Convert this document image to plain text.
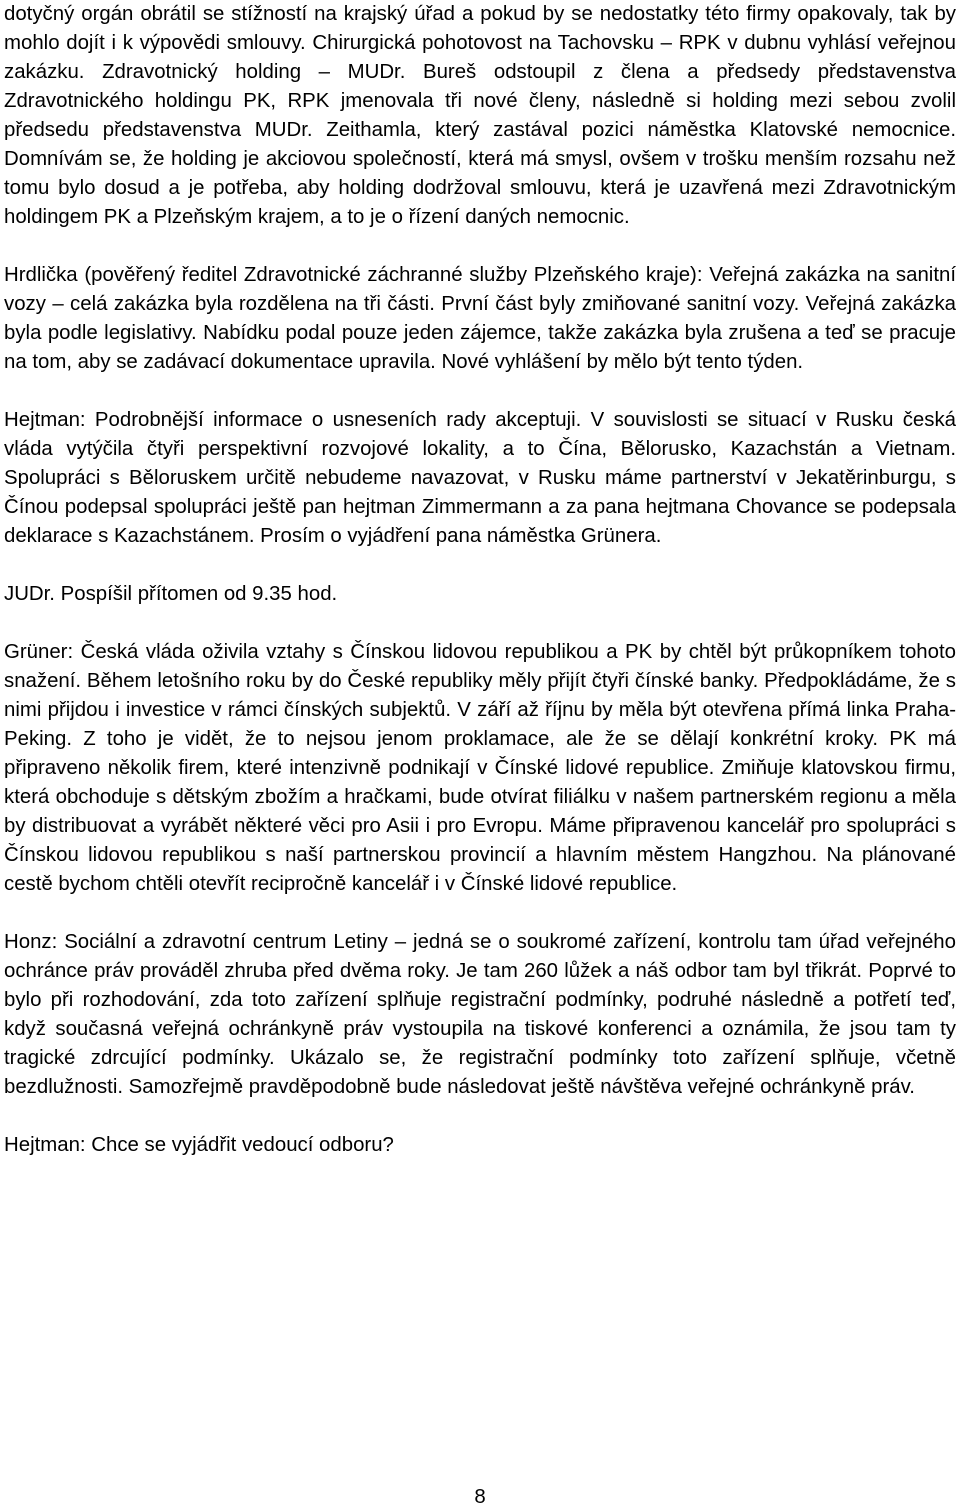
dotyčný orgán obrátil se stížností na krajský úřad a pokud by se nedostatky této firmy opakovaly, tak by mohlo dojít i k výpovědi smlouvy. Chirurgická pohotovost na Tachovsku – RPK v dubnu vyhlásí veřejnou zakázku. Zdravotnický holding – MUDr. Bureš odstoupil z člena a předsedy představenstva Zdravotnického holdingu PK, RPK jmenovala tři nové členy, následně si holding mezi sebou zvolil předsedu představenstva MUDr. Zeithamla, který zastával pozici náměstka Klatovské nemocnice. Domnívám se, že holding je akciovou společností, která má smysl, ovšem v trošku menším rozsahu než tomu bylo dosud a je potřeba, aby holding dodržoval smlouvu, která je uzavřená mezi Zdravotnickým holdingem PK a Plzeňským krajem, a to je o řízení daných nemocnic.

Hrdlička (pověřený ředitel Zdravotnické záchranné služby Plzeňského kraje): Veřejná zakázka na sanitní vozy – celá zakázka byla rozdělena na tři části. První část byly zmiňované sanitní vozy. Veřejná zakázka byla podle legislativy. Nabídku podal pouze jeden zájemce, takže zakázka byla zrušena a teď se pracuje na tom, aby se zadávací dokumentace upravila. Nové vyhlášení by mělo být tento týden.

Hejtman: Podrobnější informace o usneseních rady akceptuji. V souvislosti se situací v Rusku česká vláda vytýčila čtyři perspektivní rozvojové lokality, a to Čína, Bělorusko, Kazachstán a Vietnam. Spolupráci s Běloruskem určitě nebudeme navazovat, v Rusku máme partnerství v Jekatěrinburgu, s Čínou podepsal spolupráci ještě pan hejtman Zimmermann a za pana hejtmana Chovance se podepsala deklarace s Kazachstánem. Prosím o vyjádření pana náměstka Grünera.

JUDr. Pospíšil přítomen od 9.35 hod.

Grüner: Česká vláda oživila vztahy s Čínskou lidovou republikou a PK by chtěl být průkopníkem tohoto snažení. Během letošního roku by do České republiky měly přijít čtyři čínské banky. Předpokládáme, že s nimi přijdou i investice v rámci čínských subjektů. V září až říjnu by měla být otevřena přímá linka Praha-Peking. Z toho je vidět, že to nejsou jenom proklamace, ale že se dělají konkrétní kroky. PK má připraveno několik firem, které intenzivně podnikají v Čínské lidové republice. Zmiňuje klatovskou firmu, která obchoduje s dětským zbožím a hračkami, bude otvírat filiálku v našem partnerském regionu a měla by distribuovat a vyrábět některé věci pro Asii i pro Evropu. Máme připravenou kancelář pro spolupráci s Čínskou lidovou republikou s naší partnerskou provincií a hlavním městem Hangzhou. Na plánované cestě bychom chtěli otevřít recipročně kancelář i v Čínské lidové republice.

Honz: Sociální a zdravotní centrum Letiny – jedná se o soukromé zařízení, kontrolu tam úřad veřejného ochránce práv prováděl zhruba před dvěma roky. Je tam 260 lůžek a náš odbor tam byl třikrát. Poprvé to bylo při rozhodování, zda toto zařízení splňuje registrační podmínky, podruhé následně a potřetí teď, když současná veřejná ochránkyně práv vystoupila na tiskové konferenci a oznámila, že jsou tam ty tragické zdrcující podmínky. Ukázalo se, že registrační podmínky toto zařízení splňuje, včetně bezdlužnosti. Samozřejmě pravděpodobně bude následovat ještě návštěva veřejné ochránkyně práv.

Hejtman: Chce se vyjádřit vedoucí odboru?

8
